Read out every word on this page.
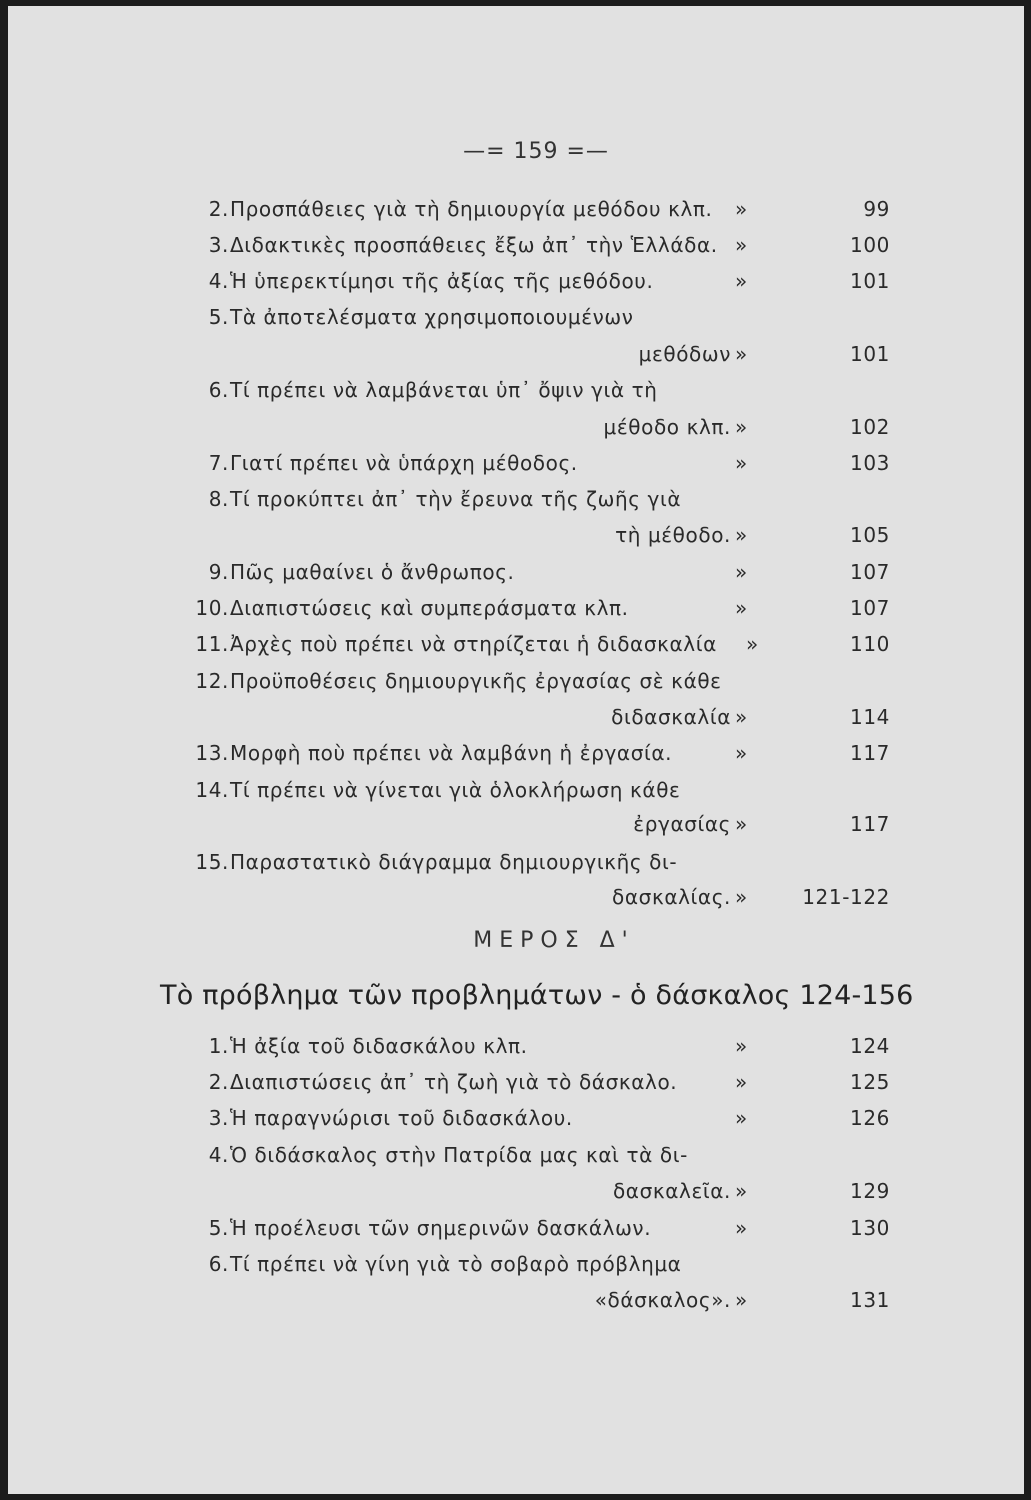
—= 159 =—
2. Προσπάθειες γιὰ τὴ δημιουργία μεθόδου κλπ. »	99
3. Διδακτικὲς προσπάθειες ἔξω ἀπ᾽ τὴν Ἑλλάδα. »	100
4. Ἡ ὑπερεκτίμησι τῆς ἀξίας τῆς μεθόδου.	»	101
5. Τὰ ἀποτελέσματα χρησιμοποιουμένων
μεθόδων »	101
6. Τί πρέπει νὰ λαμβάνεται ὑπ᾽ ὄψιν γιὰ τὴ
μέθοδο κλπ. »	102
7. Γιατί πρέπει νὰ ὑπάρχη μέθοδος.	»	103
8. Τί προκύπτει ἀπ᾽ τὴν ἔρευνα τῆς ζωῆς γιὰ
τὴ μέθοδο. »	105
9. Πῶς μαθαίνει ὁ ἄνθρωπος.	»	107
10. Διαπιστώσεις καὶ συμπεράσματα κλπ.	»	107
11. Ἀρχὲς ποὺ πρέπει νὰ στηρίζεται ἡ διδασκαλία »	110
12. Προϋποθέσεις δημιουργικῆς ἐργασίας σὲ κάθε
διδασκαλία »	114
13. Μορφὴ ποὺ πρέπει νὰ λαμβάνη ἡ ἐργασία.	»	117
14. Τί πρέπει νὰ γίνεται γιὰ ὁλοκλήρωση κάθε
ἐργασίας »	117
15. Παραστατικὸ διάγραμμα δημιουργικῆς δι-
δασκαλίας. »	121-122
ΜΕΡΟΣ Δ'
Τὸ πρόβλημα τῶν προβλημάτων - ὁ δάσκαλος 124-156
1. Ἡ ἀξία τοῦ διδασκάλου κλπ.	»	124
2. Διαπιστώσεις ἀπ᾽ τὴ ζωὴ γιὰ τὸ δάσκαλο.	»	125
3. Ἡ παραγνώρισι τοῦ διδασκάλου.	»	126
4. Ὁ διδάσκαλος στὴν Πατρίδα μας καὶ τὰ δι-
δασκαλεῖα. »	129
5. Ἡ προέλευσι τῶν σημερινῶν δασκάλων.	»	130
6. Τί πρέπει νὰ γίνη γιὰ τὸ σοβαρὸ πρόβλημα
«δάσκαλος». »	131
